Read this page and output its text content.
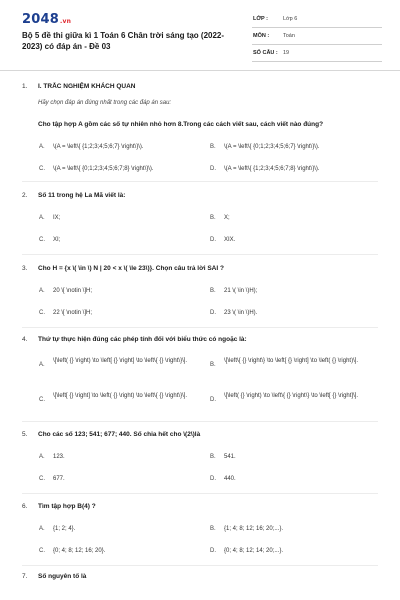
2048.vn
Bộ 5 đề thi giữa kì 1 Toán 6 Chân trời sáng tạo (2022-2023) có đáp án - Đề 03
LỚP :	Lớp 6
MÔN :	Toán
SỐ CÂU : 19
1. I. TRẮC NGHIỆM KHÁCH QUAN
Hãy chọn đáp án đúng nhất trong các đáp án sau:
Cho tập hợp A gồm các số tự nhiên nhỏ hơn 8.Trong các cách viết sau, cách viết nào đúng?
A. \(A = \left\{ {1;2;3;4;5;6;7} \right\}\).	B. \(A = \left\{ {0;1;2;3;4;5;6;7} \right\}\).
C. \(A = \left\{ {0;1;2;3;4;5;6;7;8} \right\}\).	D. \(A = \left\{ {1;2;3;4;5;6;7;8} \right\}\).
2. Số 11 trong hệ La Mã viết là:
A. IX;	B. X;
C. XI;	D. XIX.
3. Cho H = {x \( \in \) N | 20 < x \( \le 23\)}. Chọn câu trả lời SAI ?
A. 20 \[ \notin \]H;	B. 21 \( \in \)H);
C. 22 \[ \notin \]H;	D. 23 \( \in \)H).
4. Thứ tự thực hiện đúng các phép tính đối với biểu thức có ngoặc là:
A.
\[\left( {} \right) \to \left[ {} \right] \to \left\{ {} \right\}\].
B.
\[\left\{ {} \right\} \to \left[ {} \right] \to \left( {} \right)\].
C.
\[\left[ {} \right] \to \left( {} \right) \to \left\{ {} \right\}\].
D.
\[\left( {} \right) \to \left\{ {} \right\} \to \left[ {} \right]\].
5. Cho các số 123; 541; 677; 440. Số chia hết cho \(2\)là
A. 123.	B. 541.
C. 677.	D. 440.
6. Tìm tập hợp B(4) ?
A. {1; 2; 4}.	B. {1; 4; 8; 12; 16; 20;...}.
C. {0; 4; 8; 12; 16; 20}.	D. {0; 4; 8; 12; 14; 20;...}.
7. Số nguyên tố là
